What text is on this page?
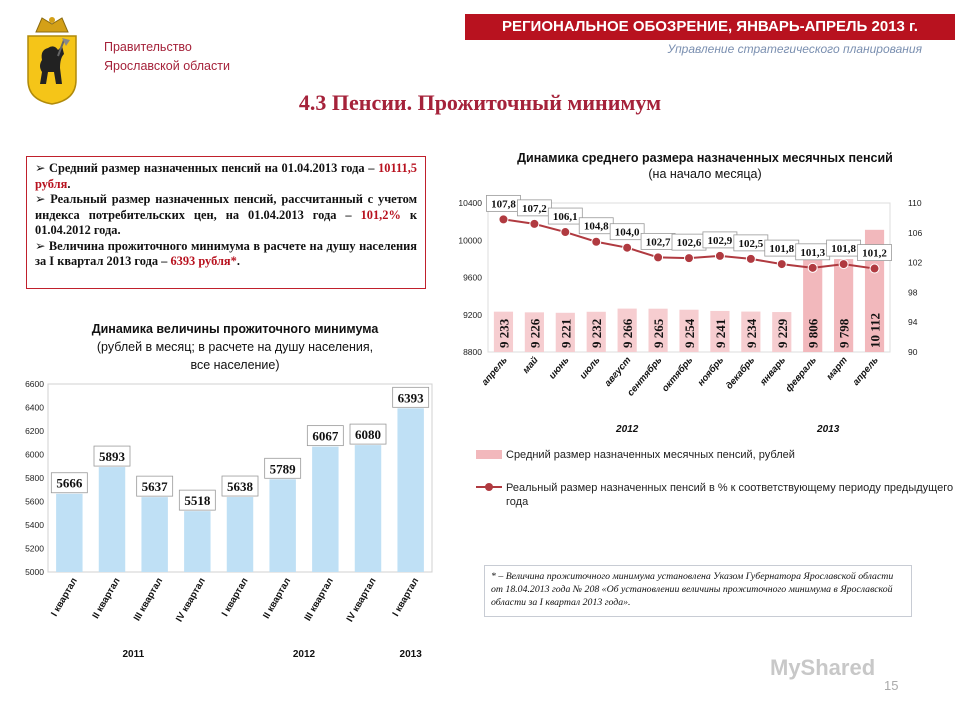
Правительство
Ярославской области
РЕГИОНАЛЬНОЕ ОБОЗРЕНИЕ, ЯНВАРЬ-АПРЕЛЬ 2013 г.
Управление стратегического планирования
4.3 Пенсии. Прожиточный минимум

➢ Средний размер назначенных пенсий на 01.04.2013 года – 10111,5 рубля.

➢ Реальный размер назначенных пенсий, рассчитанный с учетом индекса потребительских цен, на 01.04.2013 года – 101,2% к 01.04.2012 года.

➢ Величина прожиточного минимума в расчете на душу населения за I квартал 2013 года – 6393 рубля*.

Динамика величины прожиточного минимума
(рублей в месяц; в расчете на душу населения,
все население)
Динамика среднего размера назначенных месячных пенсий
(на начало месяца)
5000
5200
5400
5600
5800
6000
6200
6400
6600
5666
I квартал
5893
II квартал
5637
III квартал
5518
IV квартал
5638
I квартал
5789
II квартал
6067
III квартал
6080
IV квартал
6393
I квартал
2011	2012	2013
8800
9200
9600
10000
10400
90
94
98
102
106
110
9 233
апрель
9 226
май
9 221
июнь
9 232
июль
9 266
август
9 265
сентябрь
9 254
октябрь
9 241
ноябрь
9 234
декабрь
9 229
январь
9 806
февраль
9 798
март
10 112
апрель
107,8 107,2
106,1
104,8 104,0
102,7 102,6 102,9 102,5 101,8 101,3 101,8 101,2
2012	2013
Средний размер назначенных месячных пенсий, рублей
Реальный размер назначенных пенсий в % к соответствующему периоду предыдущего года
* – Величина прожиточного минимума установлена Указом Губернатора Ярославской области от 18.04.2013 года № 208 «Об установлении величины прожиточного минимума в Ярославской области за I квартал 2013 года».
MyShared
15
